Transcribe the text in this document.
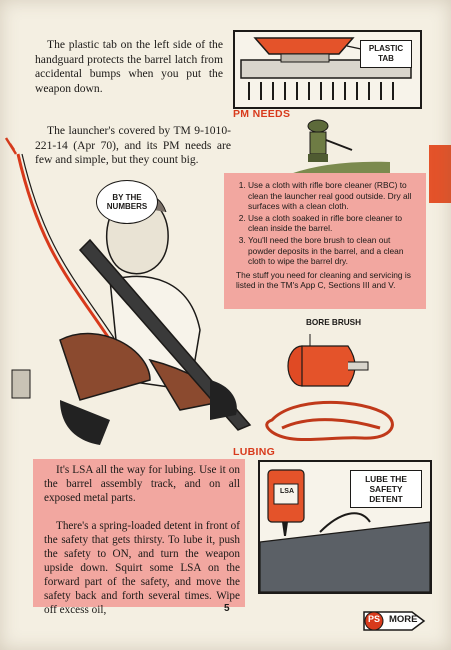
The plastic tab on the left side of the handguard protects the barrel latch from accidental bumps when you put the weapon down.

PLASTIC TAB
PM NEEDS

The launcher's covered by TM 9-1010-221-14 (Apr 70), and its PM needs are few and simple, but they count big.

BY THE NUMBERS
1. Use a cloth with rifle bore cleaner (RBC) to clean the launcher real good outside. Dry all surfaces with a clean cloth.
2. Use a cloth soaked in rifle bore cleaner to clean inside the barrel.
3. You'll need the bore brush to clean out powder deposits in the barrel, and a clean cloth to wipe the barrel dry.

The stuff you need for cleaning and servicing is listed in the TM's App C, Sections III and V.

BORE BRUSH
LUBING

It's LSA all the way for lubing. Use it on the barrel assembly track, and on all exposed metal parts.

There's a spring-loaded detent in front of the safety that gets thirsty. To lube it, push the safety to ON, and turn the weapon upside down. Squirt some LSA on the forward part of the safety, and move the safety back and forth several times. Wipe off excess oil,

LUBE THE SAFETY DETENT
LSA
5
PS MORE
